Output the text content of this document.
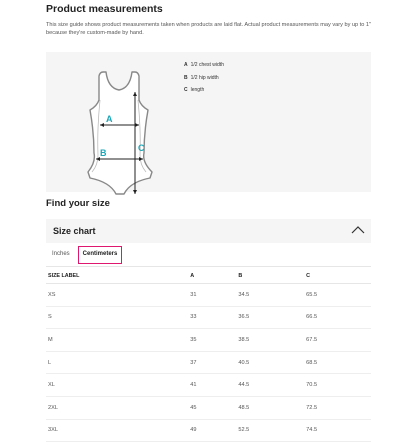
Product measurements
This size guide shows product measurements taken when products are laid flat. Actual product measurements may vary by up to 1" because they're custom-made by hand.
A
B	C
A 1/2 chest width
B 1/2 hip width
C length
Find your size
Size chart
Inches	Centimeters
SIZE LABEL	A	B	C
XS	31	34.5	65.5
S	33	36.5	66.5
M	35	38.5	67.5
L	37	40.5	68.5
XL	41	44.5	70.5
2XL	45	48.5	72.5
3XL	49	52.5	74.5
